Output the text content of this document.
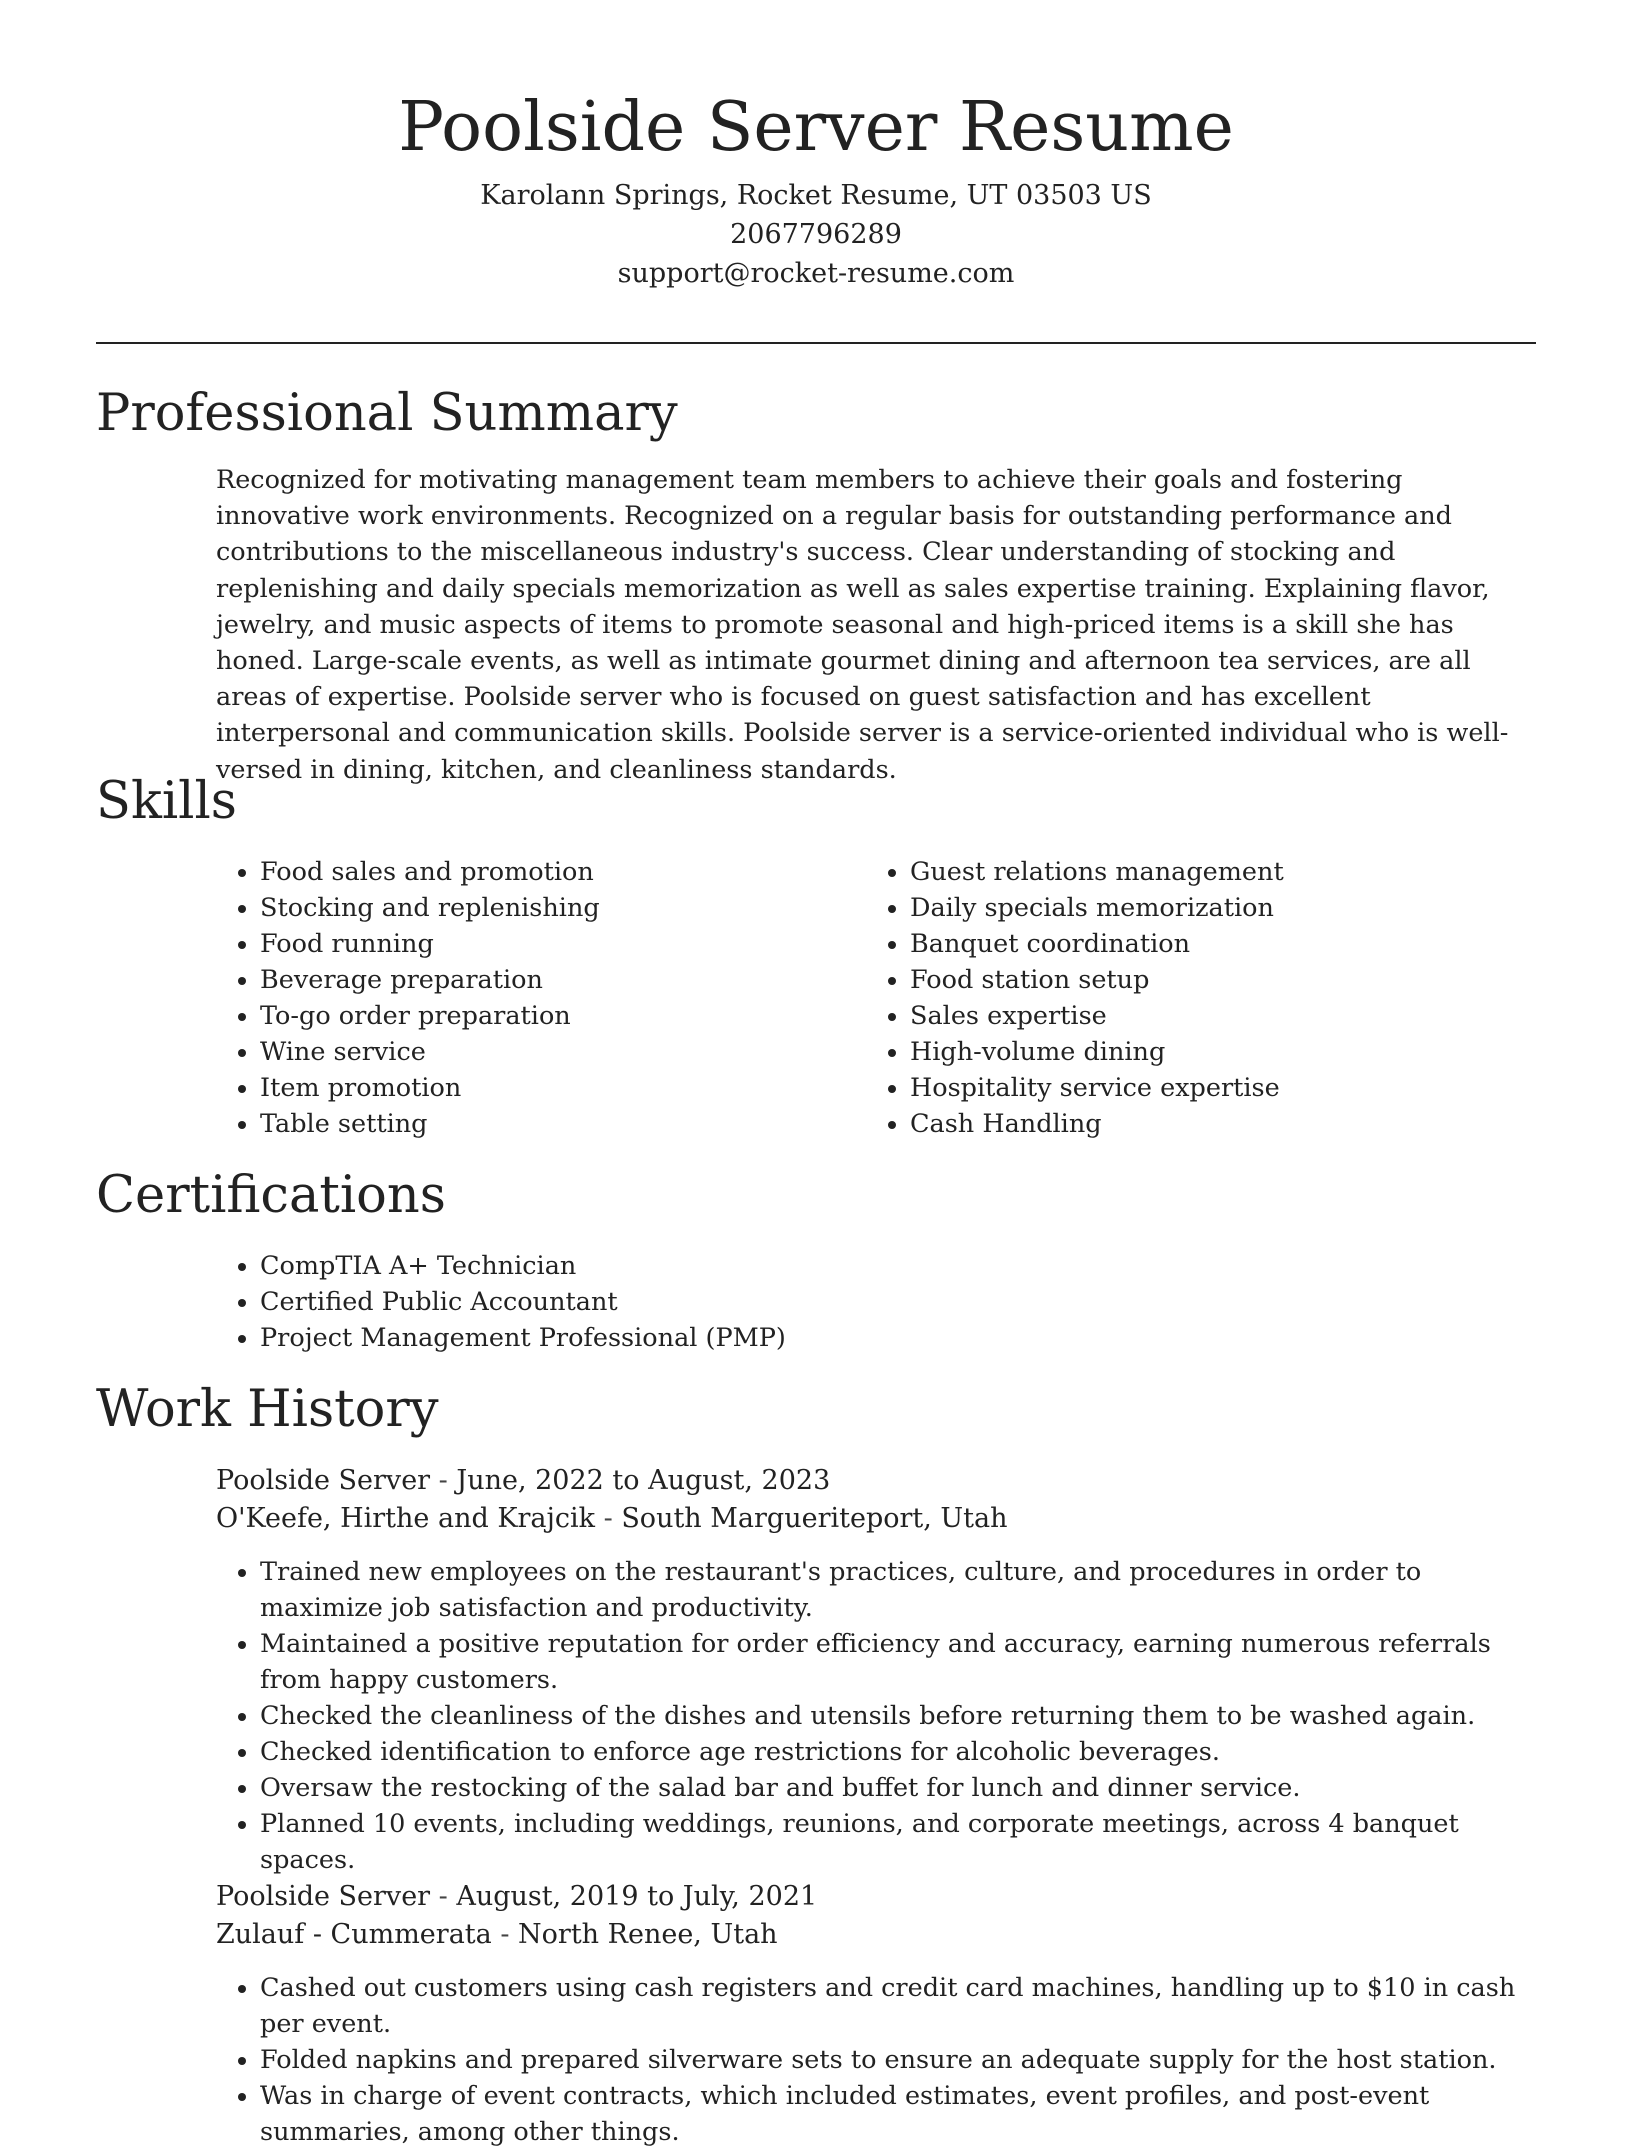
Poolside Server Resume
Karolann Springs, Rocket Resume, UT 03503 US
2067796289
support@rocket-resume.com
Professional Summary

Recognized for motivating management team members to achieve their goals and fostering innovative work environments. Recognized on a regular basis for outstanding performance and contributions to the miscellaneous industry's success. Clear understanding of stocking and replenishing and daily specials memorization as well as sales expertise training. Explaining flavor, jewelry, and music aspects of items to promote seasonal and high-priced items is a skill she has honed. Large-scale events, as well as intimate gourmet dining and afternoon tea services, are all areas of expertise. Poolside server who is focused on guest satisfaction and has excellent interpersonal and communication skills. Poolside server is a service-oriented individual who is well-versed in dining, kitchen, and cleanliness standards.

Skills
• Food sales and promotion
• Stocking and replenishing
• Food running
• Beverage preparation
• To-go order preparation
• Wine service
• Item promotion
• Table setting
• Guest relations management
• Daily specials memorization
• Banquet coordination
• Food station setup
• Sales expertise
• High-volume dining
• Hospitality service expertise
• Cash Handling
Certifications
• CompTIA A+ Technician
• Certified Public Accountant
• Project Management Professional (PMP)
Work History
Poolside Server - June, 2022 to August, 2023
O'Keefe, Hirthe and Krajcik - South Margueriteport, Utah
• Trained new employees on the restaurant's practices, culture, and procedures in order to maximize job satisfaction and productivity.
• Maintained a positive reputation for order efficiency and accuracy, earning numerous referrals from happy customers.
• Checked the cleanliness of the dishes and utensils before returning them to be washed again.
• Checked identification to enforce age restrictions for alcoholic beverages.
• Oversaw the restocking of the salad bar and buffet for lunch and dinner service.
• Planned 10 events, including weddings, reunions, and corporate meetings, across 4 banquet spaces.
Poolside Server - August, 2019 to July, 2021
Zulauf - Cummerata - North Renee, Utah
• Cashed out customers using cash registers and credit card machines, handling up to $10 in cash per event.
• Folded napkins and prepared silverware sets to ensure an adequate supply for the host station.
• Was in charge of event contracts, which included estimates, event profiles, and post-event summaries, among other things.
